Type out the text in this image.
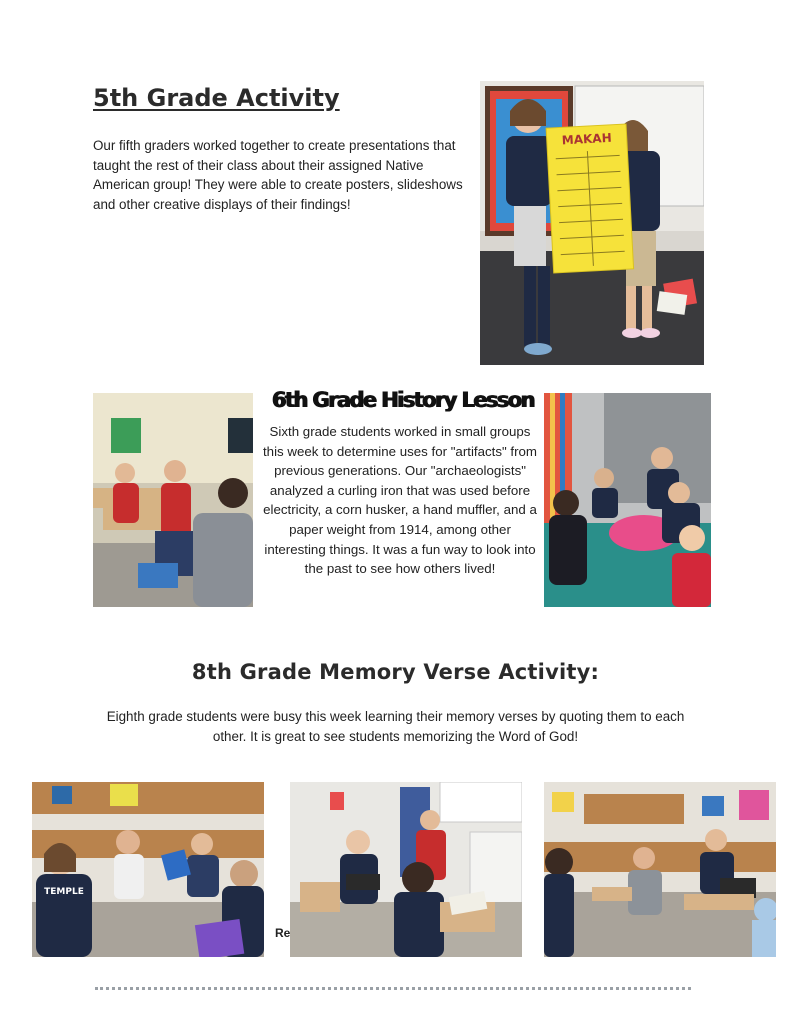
5th Grade Activity

Our fifth graders worked together to create presentations that taught the rest of their class about their assigned Native American group! They were able to create posters, slideshows and other creative displays of their findings!

MAKAH
6th Grade History Lesson

Sixth grade students worked in small groups this week to determine uses for "artifacts" from previous generations. Our "archaeologists" analyzed a curling iron that was used before electricity, a corn husker, a hand muffler, and a paper weight from 1914, among other interesting things. It was a fun way to look into the past to see how others lived!

8th Grade Memory Verse Activity:

Eighth grade students were busy this week learning their memory verses by quoting them to each other. It is great to see students memorizing the Word of God!

TEMPLE
Re
